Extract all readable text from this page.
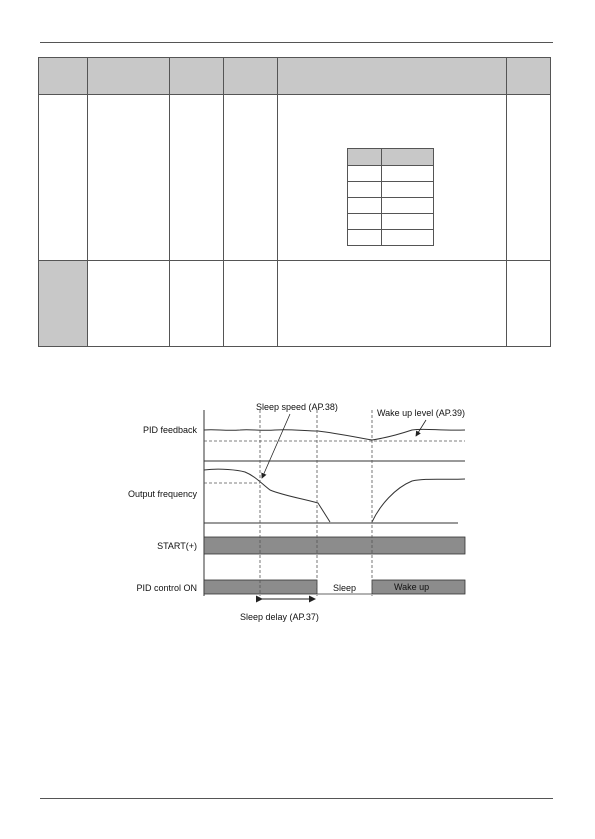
Sleep speed (AP.38)
Wake up level (AP.39)
PID feedback
Output frequency
START(+)
PID control ON	Sleep	Wake up
Sleep delay (AP.37)
